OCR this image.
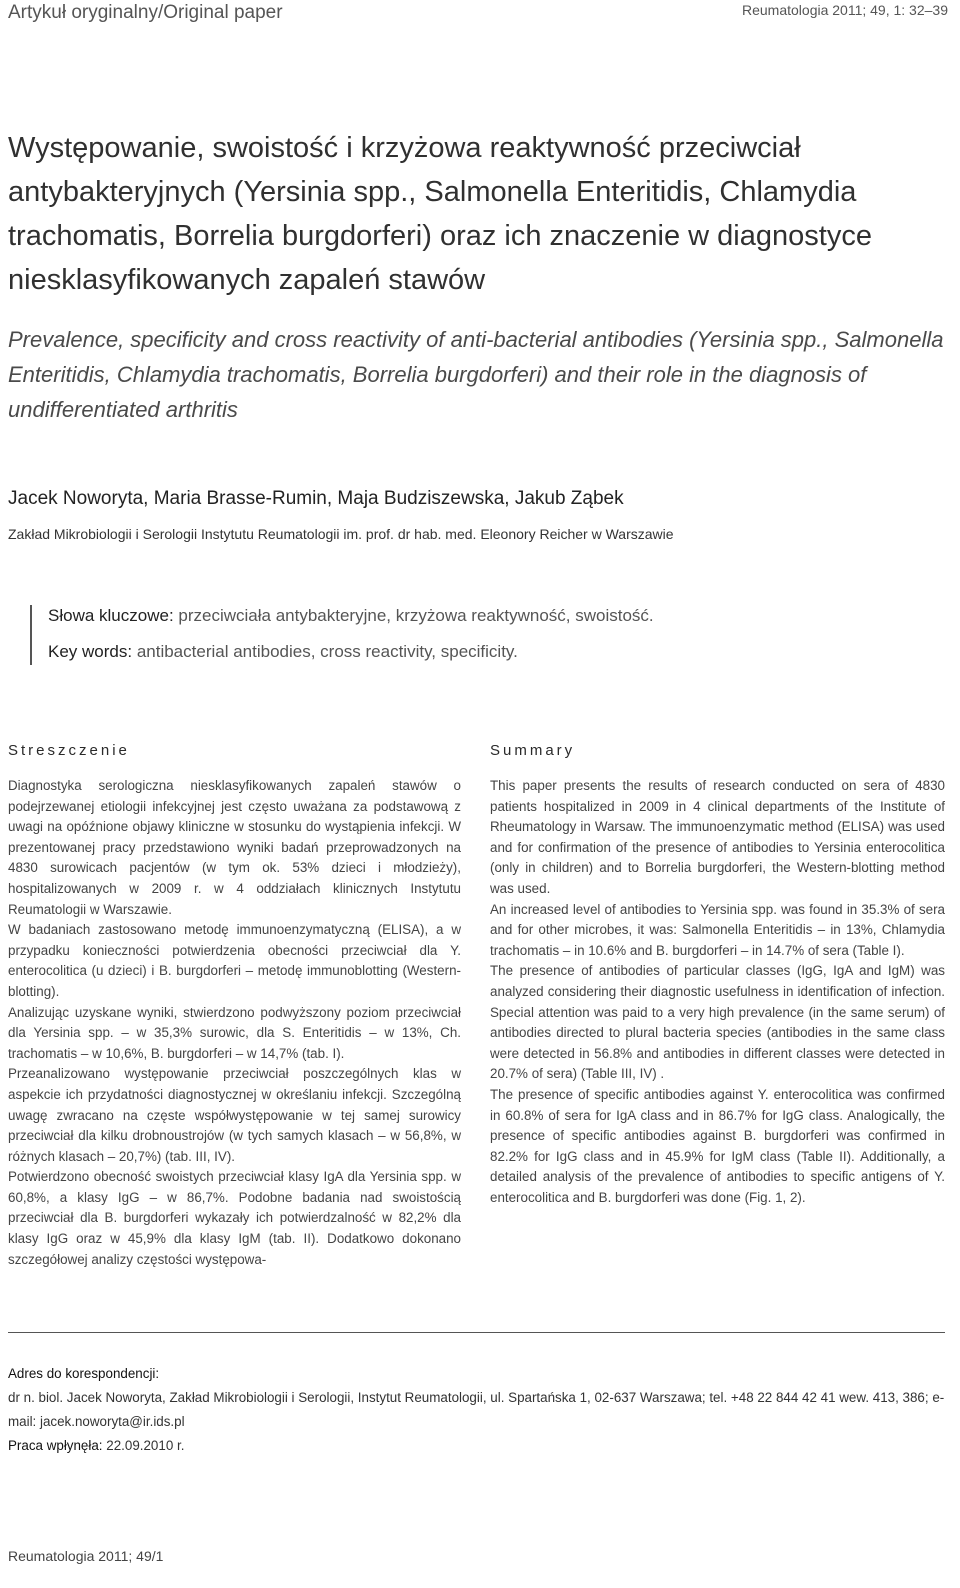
Artykuł oryginalny/Original paper	Reumatologia 2011; 49, 1: 32–39
Występowanie, swoistość i krzyżowa reaktywność przeciwciał antybakteryjnych (Yersinia spp., Salmonella Enteritidis, Chlamydia trachomatis, Borrelia burgdorferi) oraz ich znaczenie w diagnostyce niesklasyfikowanych zapaleń stawów
Prevalence, specificity and cross reactivity of anti-bacterial antibodies (Yersinia spp., Salmonella Enteritidis, Chlamydia trachomatis, Borrelia burgdorferi) and their role in the diagnosis of undifferentiated arthritis
Jacek Noworyta, Maria Brasse-Rumin, Maja Budziszewska, Jakub Ząbek
Zakład Mikrobiologii i Serologii Instytutu Reumatologii im. prof. dr hab. med. Eleonory Reicher w Warszawie
Słowa kluczowe: przeciwciała antybakteryjne, krzyżowa reaktywność, swoistość.
Key words: antibacterial antibodies, cross reactivity, specificity.
Streszczenie	Summary

Diagnostyka serologiczna niesklasyfikowanych zapaleń stawów o podejrzewanej etiologii infekcyjnej jest często uważana za podstawową z uwagi na opóźnione objawy kliniczne w stosunku do wystąpienia infekcji. W prezentowanej pracy przedstawiono wyniki badań przeprowadzonych na 4830 surowicach pacjentów (w tym ok. 53% dzieci i młodzieży), hospitalizowanych w 2009 r. w 4 oddziałach klinicznych Instytutu Reumatologii w Warszawie.

W badaniach zastosowano metodę immunoenzymatyczną (ELISA), a w przypadku konieczności potwierdzenia obecności przeciwciał dla Y. enterocolitica (u dzieci) i B. burgdorferi – metodę immunoblotting (Western-blotting).

Analizując uzyskane wyniki, stwierdzono podwyższony poziom przeciwciał dla Yersinia spp. – w 35,3% surowic, dla S. Enteritidis – w 13%, Ch. trachomatis – w 10,6%, B. burgdorferi – w 14,7% (tab. I).

Przeanalizowano występowanie przeciwciał poszczególnych klas w aspekcie ich przydatności diagnostycznej w określaniu infekcji. Szczególną uwagę zwracano na częste współwystępowanie w tej samej surowicy przeciwciał dla kilku drobnoustrojów (w tych samych klasach – w 56,8%, w różnych klasach – 20,7%) (tab. III, IV).

Potwierdzono obecność swoistych przeciwciał klasy IgA dla Yersinia spp. w 60,8%, a klasy IgG – w 86,7%. Podobne badania nad swoistością przeciwciał dla B. burgdorferi wykazały ich potwierdzalność w 82,2% dla klasy IgG oraz w 45,9% dla klasy IgM (tab. II). Dodatkowo dokonano szczegółowej analizy częstości występowa-

This paper presents the results of research conducted on sera of 4830 patients hospitalized in 2009 in 4 clinical departments of the Institute of Rheumatology in Warsaw. The immunoenzymatic method (ELISA) was used and for confirmation of the presence of antibodies to Yersinia enterocolitica (only in children) and to Borrelia burgdorferi, the Western-blotting method was used.

An increased level of antibodies to Yersinia spp. was found in 35.3% of sera and for other microbes, it was: Salmonella Enteritidis – in 13%, Chlamydia trachomatis – in 10.6% and B. burgdorferi – in 14.7% of sera (Table I).

The presence of antibodies of particular classes (IgG, IgA and IgM) was analyzed considering their diagnostic usefulness in identification of infection. Special attention was paid to a very high prevalence (in the same serum) of antibodies directed to plural bacteria species (antibodies in the same class were detected in 56.8% and antibodies in different classes were detected in 20.7% of sera) (Table III, IV) .

The presence of specific antibodies against Y. enterocolitica was confirmed in 60.8% of sera for IgA class and in 86.7% for IgG class. Analogically, the presence of specific antibodies against B. burgdorferi was confirmed in 82.2% for IgG class and in 45.9% for IgM class (Table II). Additionally, a detailed analysis of the prevalence of antibodies to specific antigens of Y. enterocolitica and B. burgdorferi was done (Fig. 1, 2).

Adres do korespondencji:
dr n. biol. Jacek Noworyta, Zakład Mikrobiologii i Serologii, Instytut Reumatologii, ul. Spartańska 1, 02-637 Warszawa; tel. +48 22 844 42 41 wew. 413, 386; e-mail: jacek.noworyta@ir.ids.pl
Praca wpłynęła: 22.09.2010 r.
Reumatologia 2011; 49/1
